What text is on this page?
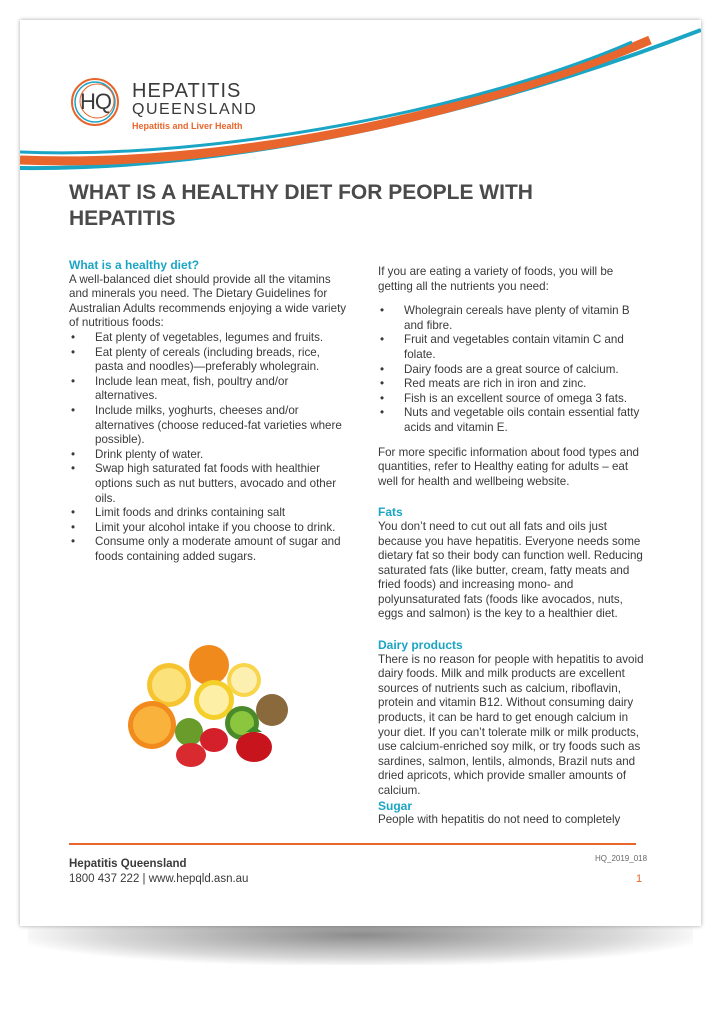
HQ HEPATITIS
QUEENSLAND
Hepatitis and Liver Health
WHAT IS A HEALTHY DIET FOR PEOPLE WITH HEPATITIS

What is a healthy diet?

A well-balanced diet should provide all the vitamins and minerals you need. The Dietary Guidelines for Australian Adults recommends enjoying a wide variety of nutritious foods:

• Eat plenty of vegetables, legumes and fruits.
• Eat plenty of cereals (including breads, rice, pasta and noodles)—preferably wholegrain.
• Include lean meat, fish, poultry and/or alternatives.
• Include milks, yoghurts, cheeses and/or alternatives (choose reduced-fat varieties where possible).
• Drink plenty of water.
• Swap high saturated fat foods with healthier options such as nut butters, avocado and other oils.
• Limit foods and drinks containing salt
• Limit your alcohol intake if you choose to drink.
• Consume only a moderate amount of sugar and foods containing added sugars.

If you are eating a variety of foods, you will be getting all the nutrients you need:

• Wholegrain cereals have plenty of vitamin B and fibre.
• Fruit and vegetables contain vitamin C and folate.
• Dairy foods are a great source of calcium.
• Red meats are rich in iron and zinc.
• Fish is an excellent source of omega 3 fats.
• Nuts and vegetable oils contain essential fatty acids and vitamin E.

For more specific information about food types and quantities, refer to Healthy eating for adults – eat well for health and wellbeing website.

Fats

You don’t need to cut out all fats and oils just because you have hepatitis. Everyone needs some dietary fat so their body can function well. Reducing saturated fats (like butter, cream, fatty meats and fried foods) and increasing mono- and polyunsaturated fats (foods like avocados, nuts, eggs and salmon) is the key to a healthier diet.

Dairy products

There is no reason for people with hepatitis to avoid dairy foods. Milk and milk products are excellent sources of nutrients such as calcium, riboflavin, protein and vitamin B12. Without consuming dairy products, it can be hard to get enough calcium in your diet. If you can’t tolerate milk or milk products, use calcium-enriched soy milk, or try foods such as sardines, salmon, lentils, almonds, Brazil nuts and dried apricots, which provide smaller amounts of calcium.

Sugar

People with hepatitis do not need to completely

Hepatitis Queensland
1800 437 222 | www.hepqld.asn.au
HQ_2019_018
1
